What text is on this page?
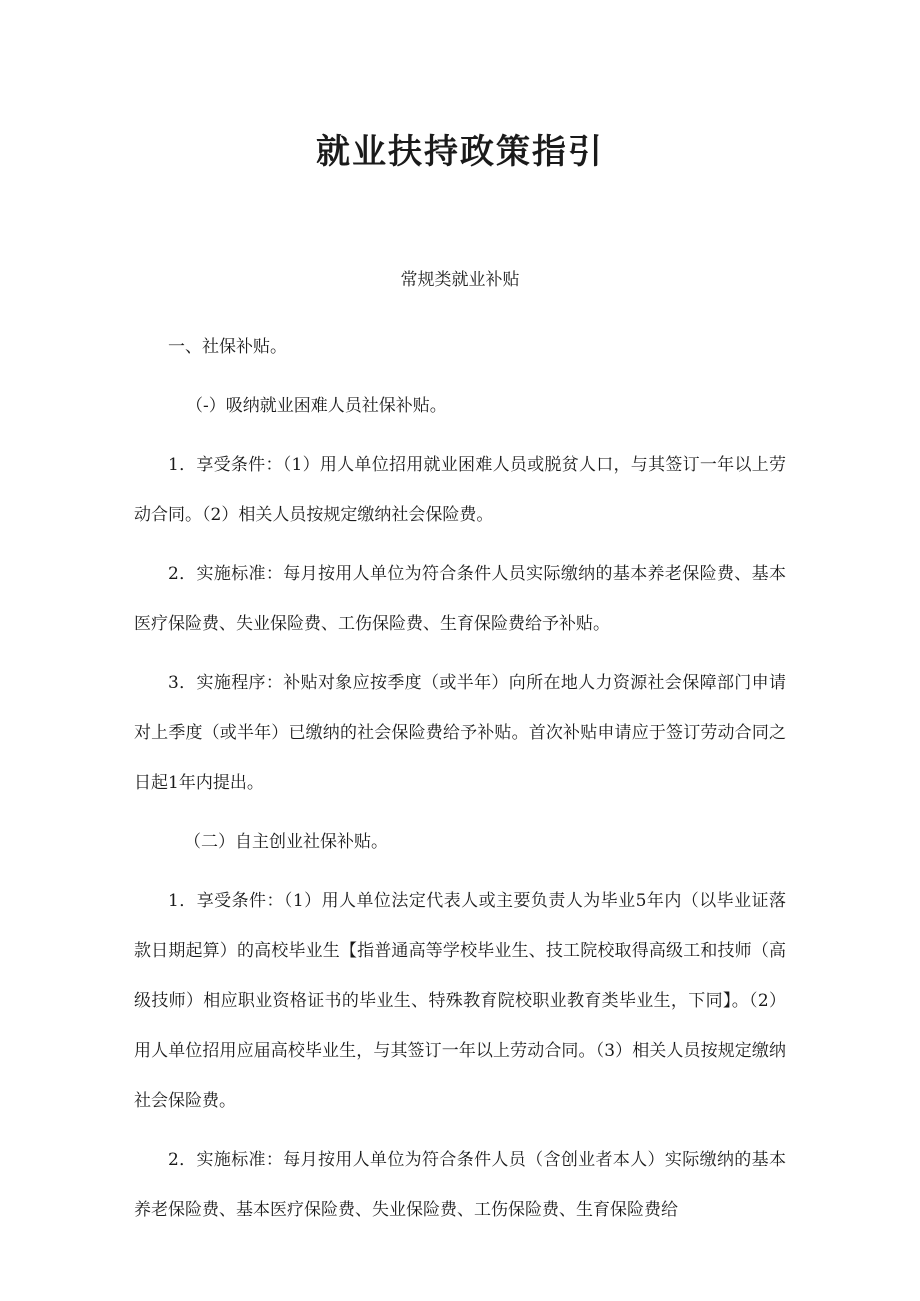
就业扶持政策指引

常规类就业补贴

一、社保补贴。

（-）吸纳就业困难人员社保补贴。

1．享受条件：（1）用人单位招用就业困难人员或脱贫人口，与其签订一年以上劳动合同。（2）相关人员按规定缴纳社会保险费。

2．实施标准：每月按用人单位为符合条件人员实际缴纳的基本养老保险费、基本医疗保险费、失业保险费、工伤保险费、生育保险费给予补贴。

3．实施程序：补贴对象应按季度（或半年）向所在地人力资源社会保障部门申请对上季度（或半年）已缴纳的社会保险费给予补贴。首次补贴申请应于签订劳动合同之日起1年内提出。

（二）自主创业社保补贴。

1．享受条件：（1）用人单位法定代表人或主要负责人为毕业5年内（以毕业证落款日期起算）的高校毕业生【指普通高等学校毕业生、技工院校取得高级工和技师（高级技师）相应职业资格证书的毕业生、特殊教育院校职业教育类毕业生，下同】。（2）用人单位招用应届高校毕业生，与其签订一年以上劳动合同。（3）相关人员按规定缴纳社会保险费。

2．实施标准：每月按用人单位为符合条件人员（含创业者本人）实际缴纳的基本养老保险费、基本医疗保险费、失业保险费、工伤保险费、生育保险费给
